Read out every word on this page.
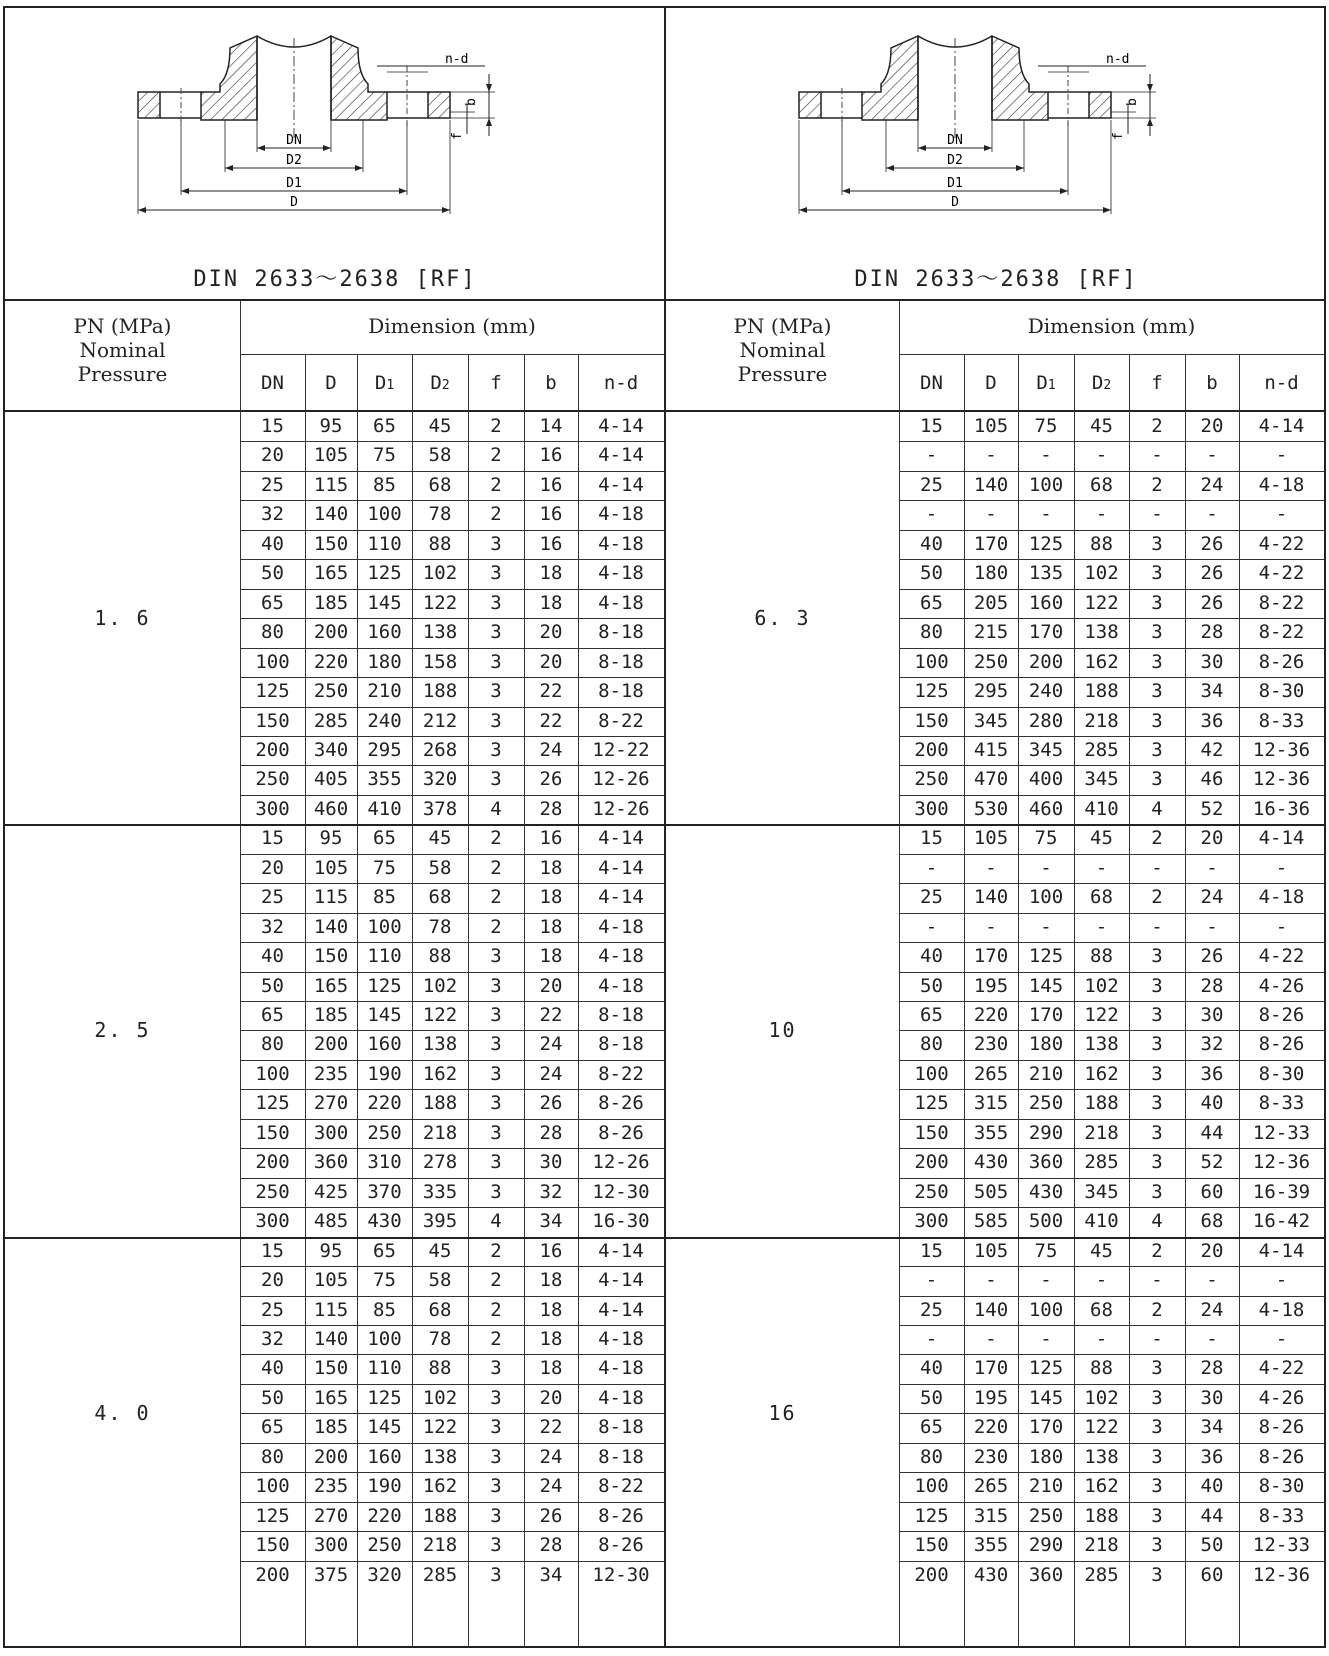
DN
D2
D1
D
n-d
b
f	DN
D2
D1
D
n-d
b
f
DIN 2633～2638 [RF]	DIN 2633～2638 [RF]
PN (MPa)
Nominal
Pressure
Dimension (mm)
DN	D	D1	D2	f	b	n-d
PN (MPa)
Nominal
Pressure
Dimension (mm)
DN	D	D1	D2	f	b	n-d
1. 6
15	95	65	45	2	14	4-14
20	105	75	58	2	16	4-14
25	115	85	68	2	16	4-14
32	140	100	78	2	16	4-18
40	150	110	88	3	16	4-18
50	165	125	102	3	18	4-18
65	185	145	122	3	18	4-18
80	200	160	138	3	20	8-18
100	220	180	158	3	20	8-18
125	250	210	188	3	22	8-18
150	285	240	212	3	22	8-22
200	340	295	268	3	24	12-22
250	405	355	320	3	26	12-26
300	460	410	378	4	28	12-26
2. 5
15	95	65	45	2	16	4-14
20	105	75	58	2	18	4-14
25	115	85	68	2	18	4-14
32	140	100	78	2	18	4-18
40	150	110	88	3	18	4-18
50	165	125	102	3	20	4-18
65	185	145	122	3	22	8-18
80	200	160	138	3	24	8-18
100	235	190	162	3	24	8-22
125	270	220	188	3	26	8-26
150	300	250	218	3	28	8-26
200	360	310	278	3	30	12-26
250	425	370	335	3	32	12-30
300	485	430	395	4	34	16-30
4. 0
15	95	65	45	2	16	4-14
20	105	75	58	2	18	4-14
25	115	85	68	2	18	4-14
32	140	100	78	2	18	4-18
40	150	110	88	3	18	4-18
50	165	125	102	3	20	4-18
65	185	145	122	3	22	8-18
80	200	160	138	3	24	8-18
100	235	190	162	3	24	8-22
125	270	220	188	3	26	8-26
150	300	250	218	3	28	8-26
200	375	320	285	3	34	12-30
6. 3
15	105	75	45	2	20	4-14
-	-	-	-	-	-	-
25	140	100	68	2	24	4-18
-	-	-	-	-	-	-
40	170	125	88	3	26	4-22
50	180	135	102	3	26	4-22
65	205	160	122	3	26	8-22
80	215	170	138	3	28	8-22
100	250	200	162	3	30	8-26
125	295	240	188	3	34	8-30
150	345	280	218	3	36	8-33
200	415	345	285	3	42	12-36
250	470	400	345	3	46	12-36
300	530	460	410	4	52	16-36
10
15	105	75	45	2	20	4-14
-	-	-	-	-	-	-
25	140	100	68	2	24	4-18
-	-	-	-	-	-	-
40	170	125	88	3	26	4-22
50	195	145	102	3	28	4-26
65	220	170	122	3	30	8-26
80	230	180	138	3	32	8-26
100	265	210	162	3	36	8-30
125	315	250	188	3	40	8-33
150	355	290	218	3	44	12-33
200	430	360	285	3	52	12-36
250	505	430	345	3	60	16-39
300	585	500	410	4	68	16-42
16
15	105	75	45	2	20	4-14
-	-	-	-	-	-	-
25	140	100	68	2	24	4-18
-	-	-	-	-	-	-
40	170	125	88	3	28	4-22
50	195	145	102	3	30	4-26
65	220	170	122	3	34	8-26
80	230	180	138	3	36	8-26
100	265	210	162	3	40	8-30
125	315	250	188	3	44	8-33
150	355	290	218	3	50	12-33
200	430	360	285	3	60	12-36
